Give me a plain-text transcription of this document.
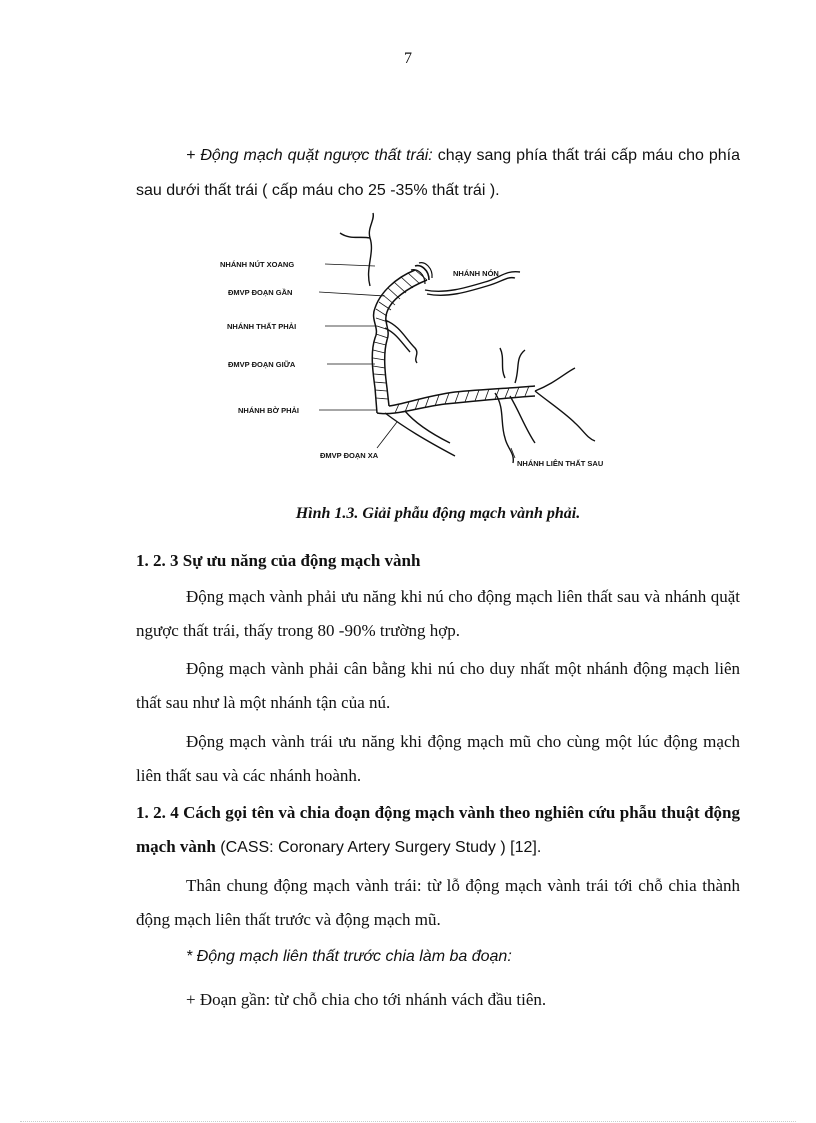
7
+ Động mạch quặt ngược thất trái: chạy sang phía thất trái cấp máu cho phía sau dưới thất trái ( cấp máu cho 25 -35% thất trái ).
NHÁNH NÚT XOANG
NHÁNH NÓN
ĐMVP ĐOẠN GẦN
NHÁNH THẤT PHẢI
ĐMVP ĐOẠN GIỮA
NHÁNH BỜ PHẢI
ĐMVP ĐOẠN XA
NHÁNH LIÊN THẤT SAU
Hình 1.3. Giải phẫu động mạch vành phải.
1. 2. 3 Sự ưu năng của động mạch vành
Động mạch vành phải ưu năng khi nú cho động mạch liên thất sau và nhánh quặt ngược thất trái, thấy trong 80 -90% trường hợp.
Động mạch vành phải cân bằng khi nú cho duy nhất một nhánh động mạch liên thất sau như là một nhánh tận của nú.
Động mạch vành trái ưu năng khi động mạch mũ cho cùng một lúc động mạch liên thất sau và các nhánh hoành.
1. 2. 4 Cách gọi tên và chia đoạn động mạch vành theo nghiên cứu phẫu thuật động mạch vành (CASS: Coronary Artery Surgery Study ) [12].
Thân chung động mạch vành trái: từ lỗ động mạch vành trái tới chỗ chia thành động mạch liên thất trước và động mạch mũ.
* Động mạch liên thất trước chia làm ba đoạn:
+ Đoạn gần: từ chỗ chia cho tới nhánh vách đầu tiên.
